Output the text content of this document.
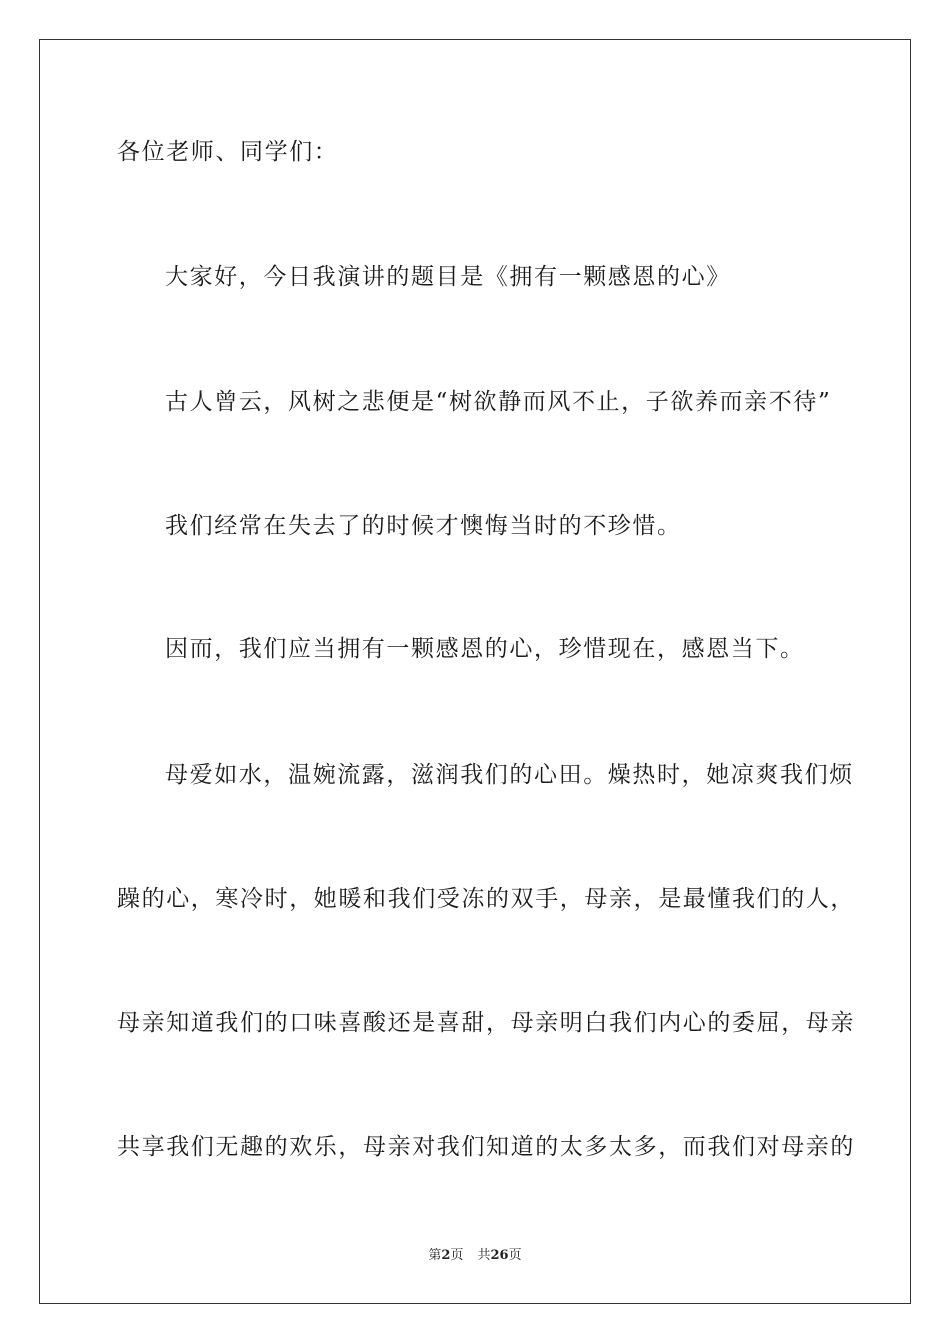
各位老师、同学们：
大家好，今日我演讲的题目是《拥有一颗感恩的心》
古人曾云，风树之悲便是“树欲静而风不止，子欲养而亲不待”
我们经常在失去了的时候才懊悔当时的不珍惜。
因而，我们应当拥有一颗感恩的心，珍惜现在，感恩当下。
母爱如水，温婉流露，滋润我们的心田。燥热时，她凉爽我们烦
躁的心，寒冷时，她暖和我们受冻的双手，母亲，是最懂我们的人，
母亲知道我们的口味喜酸还是喜甜，母亲明白我们内心的委屈，母亲
共享我们无趣的欢乐，母亲对我们知道的太多太多，而我们对母亲的
第2页 共26页
